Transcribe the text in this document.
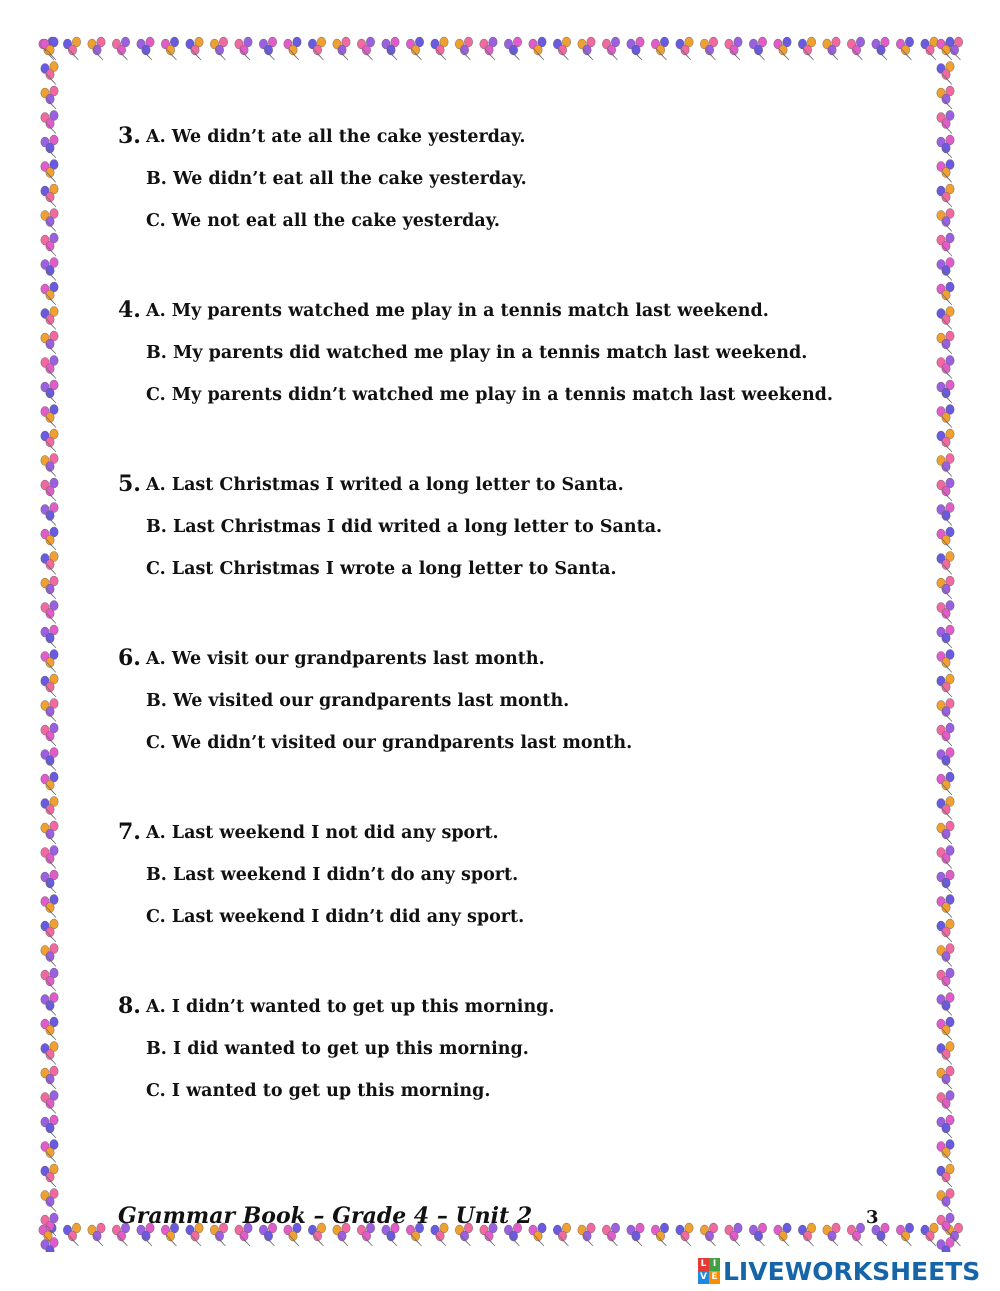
3. A. We didn’t ate all the cake yesterday.
B. We didn’t eat all the cake yesterday.
C. We not eat all the cake yesterday.
4. A. My parents watched me play in a tennis match last weekend.
B. My parents did watched me play in a tennis match last weekend.
C. My parents didn’t watched me play in a tennis match last weekend.
5. A. Last Christmas I writed a long letter to Santa.
B. Last Christmas I did writed a long letter to Santa.
C. Last Christmas I wrote a long letter to Santa.
6. A. We visit our grandparents last month.
B. We visited our grandparents last month.
C. We didn’t visited our grandparents last month.
7. A. Last weekend I not did any sport.
B. Last weekend I didn’t do any sport.
C. Last weekend I didn’t did any sport.
8. A. I didn’t wanted to get up this morning.
B. I did wanted to get up this morning.
C. I wanted to get up this morning.
Grammar Book – Grade 4 – Unit 2	3
L I
V E LIVEWORKSHEETS
